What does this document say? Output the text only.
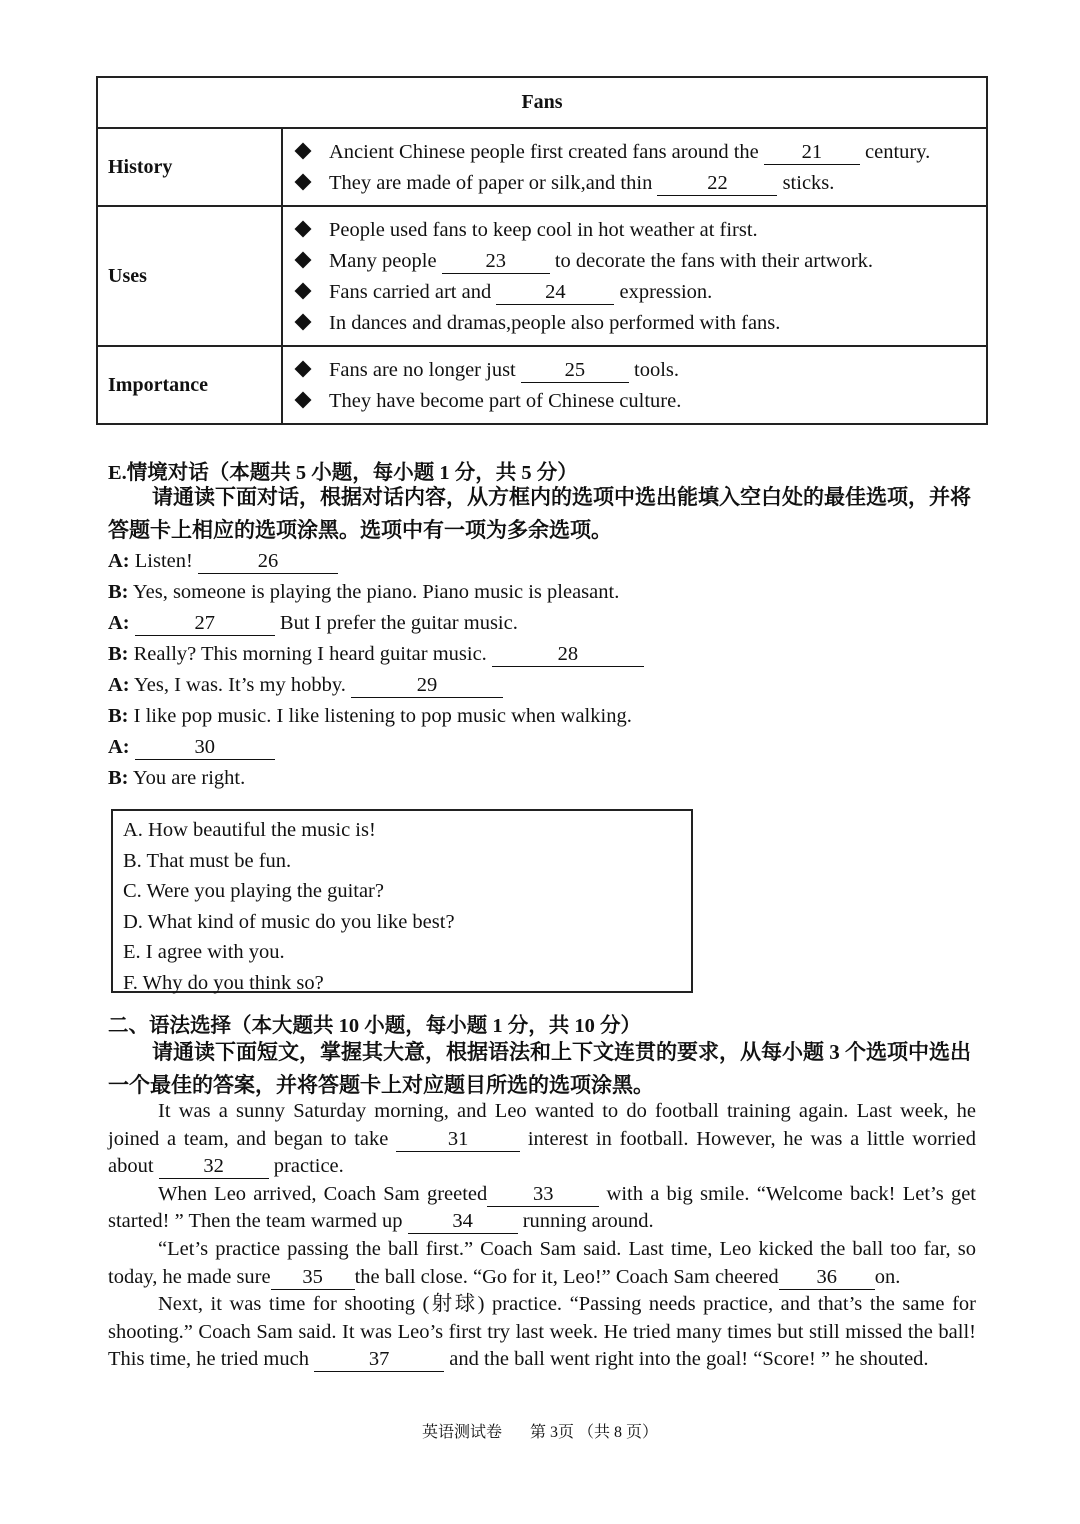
Fans	
History	Ancient Chinese people first created fans around the 21 century.
They are made of paper or silk,and thin 22 sticks.

Uses	People used fans to keep cool in hot weather at first.
Many people 23 to decorate the fans with their artwork.
Fans carried art and 24 expression.
In dances and dramas,people also performed with fans.

Importance	Fans are no longer just 25 tools.
They have become part of Chinese culture.
E.情境对话（本题共 5 小题，每小题 1 分，共 5 分）
请通读下面对话，根据对话内容，从方框内的选项中选出能填入空白处的最佳选项，并将答题卡上相应的选项涂黑。选项中有一项为多余选项。
A: Listen!	26
B: Yes, someone is playing the piano. Piano music is pleasant.
A:	27	But I prefer the guitar music.
B: Really? This morning I heard guitar music.	28
A: Yes, I was. It’s my hobby.	29
B: I like pop music. I like listening to pop music when walking.
A:	30
B: You are right.
A. How beautiful the music is!
B. That must be fun.
C. Were you playing the guitar?
D. What kind of music do you like best?
E. I agree with you.
F. Why do you think so?
二、语法选择（本大题共 10 小题，每小题 1 分，共 10 分）
请通读下面短文，掌握其大意，根据语法和上下文连贯的要求，从每小题 3 个选项中选出一个最佳的答案，并将答题卡上对应题目所选的选项涂黑。

It was a sunny Saturday morning, and Leo wanted to do football training again. Last week, he joined a team, and began to take	31	interest in football. However, he was a little worried about 32 practice.

When Leo arrived, Coach Sam greeted 33 with a big smile. “Welcome back! Let’s get started! ” Then the team warmed up 34 running around.

“Let’s practice passing the ball first.” Coach Sam said. Last time, Leo kicked the ball too far, so today, he made sure 35 the ball close. “Go for it, Leo!” Coach Sam cheered 36 on.

Next, it was time for shooting (射球) practice. “Passing needs practice, and that’s the same for shooting.” Coach Sam said. It was Leo’s first try last week. He tried many times but still missed the ball! This time, he tried much	37	and the ball went right into the goal! “Score! ” he shouted.

英语测试卷 第 3页 （共 8 页）
